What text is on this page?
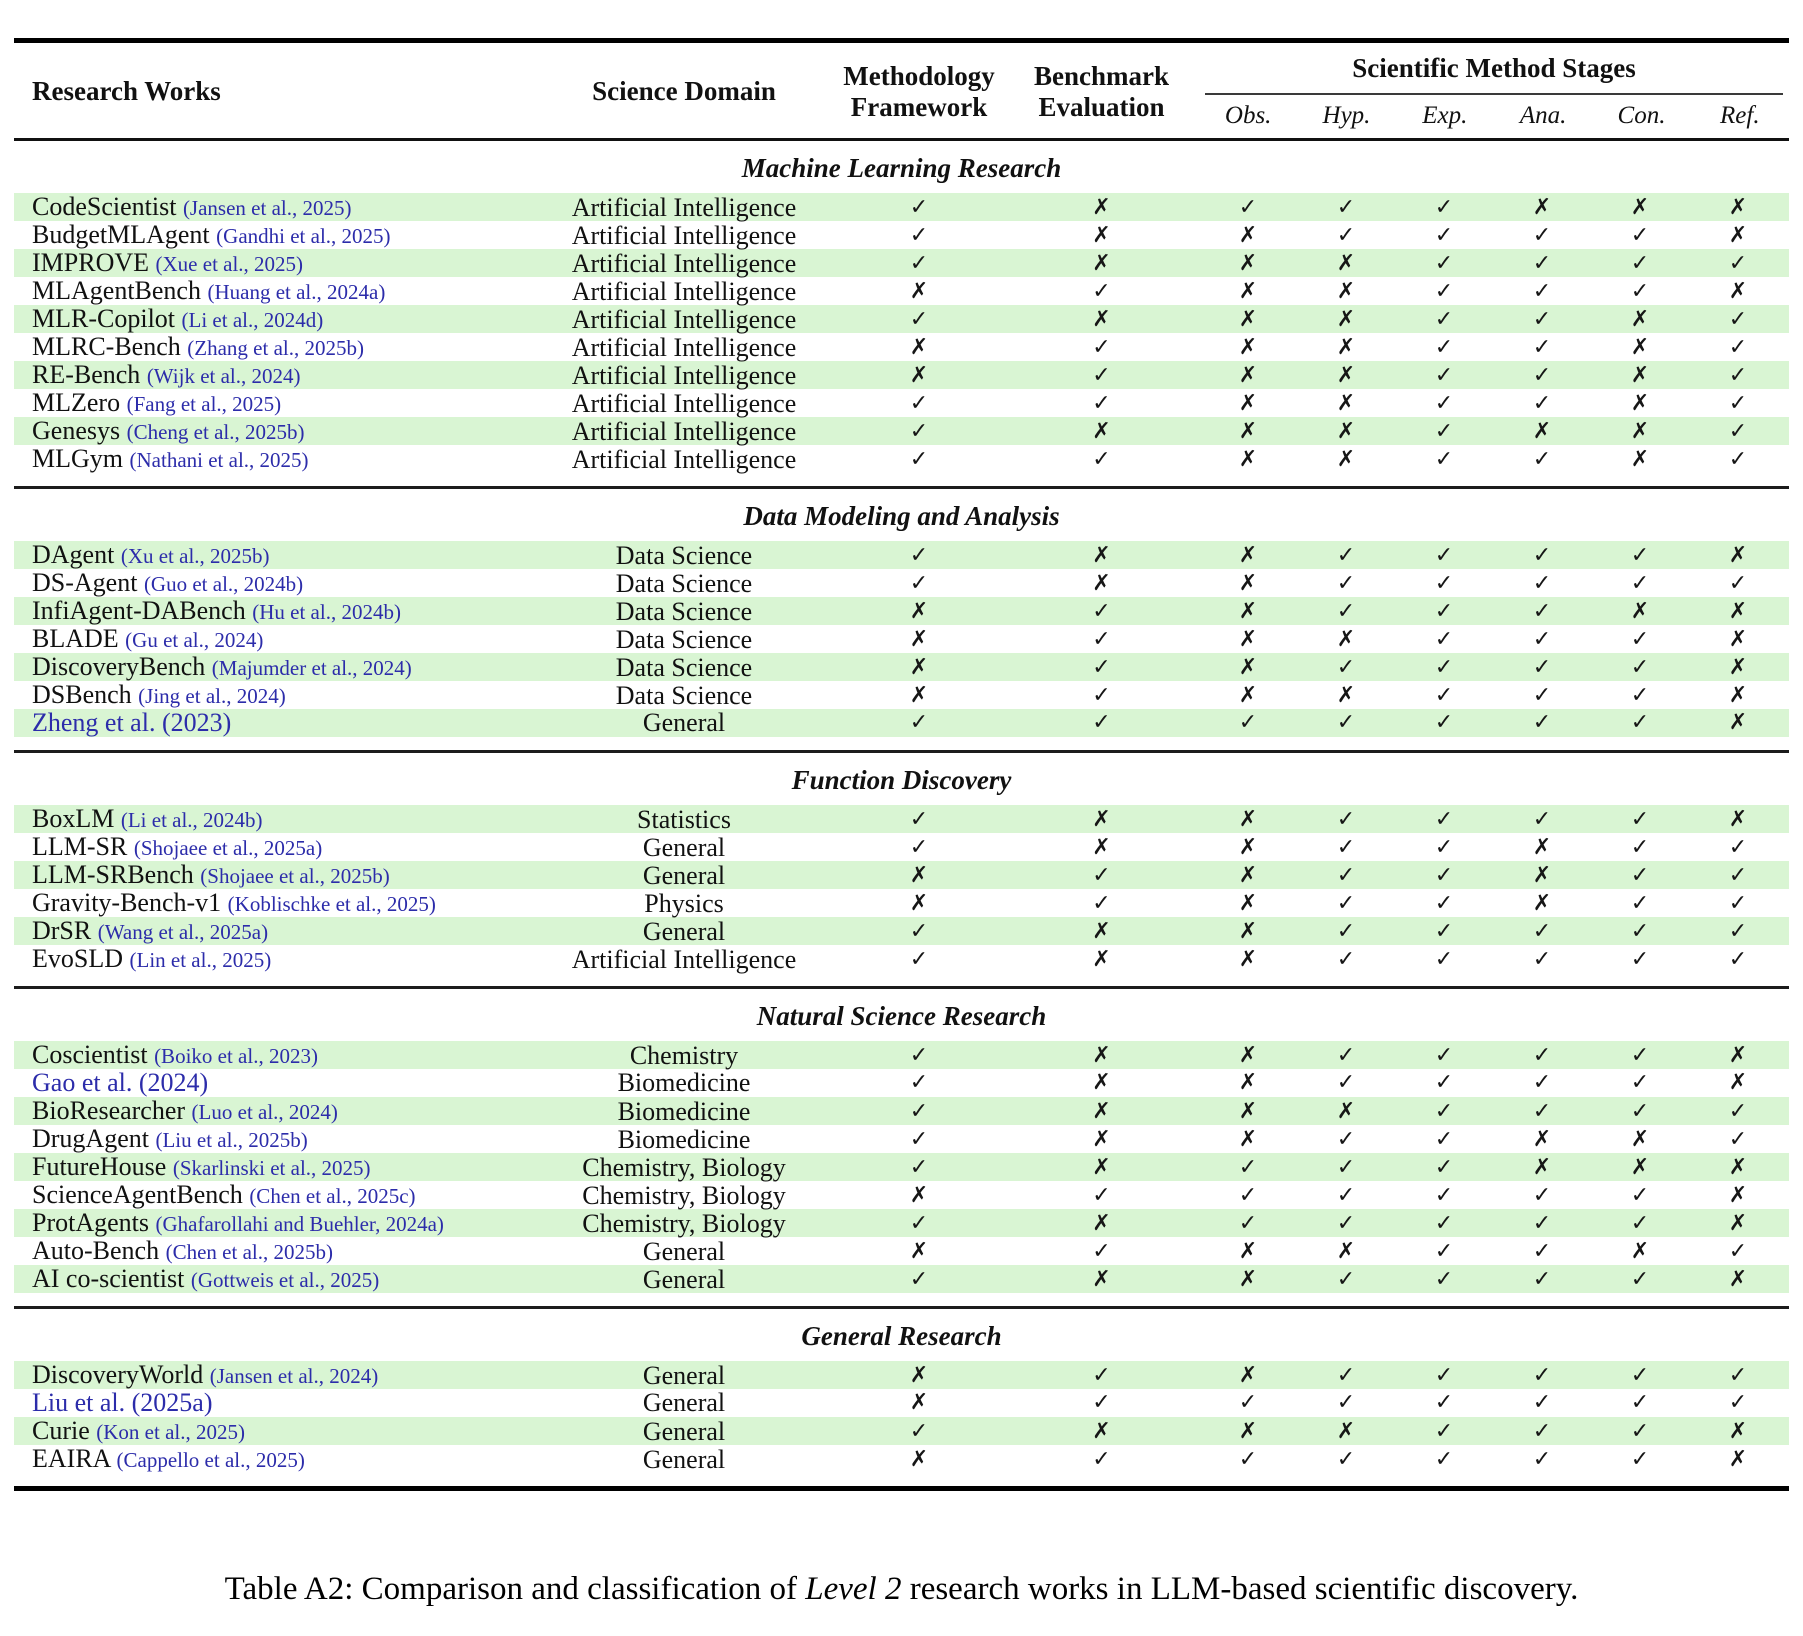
Research Works	Science Domain
Methodology
Framework
Benchmark
Evaluation
Scientific Method Stages
Obs.	Hyp.	Exp.	Ana.	Con.	Ref.
Machine Learning Research
CodeScientist (Jansen et al., 2025)	Artificial Intelligence	✓	✗	✓	✓	✓	✗	✗	✗
BudgetMLAgent (Gandhi et al., 2025)	Artificial Intelligence	✓	✗	✗	✓	✓	✓	✓	✗
IMPROVE (Xue et al., 2025)	Artificial Intelligence	✓	✗	✗	✗	✓	✓	✓	✓
MLAgentBench (Huang et al., 2024a)	Artificial Intelligence	✗	✓	✗	✗	✓	✓	✓	✗
MLR-Copilot (Li et al., 2024d)	Artificial Intelligence	✓	✗	✗	✗	✓	✓	✗	✓
MLRC-Bench (Zhang et al., 2025b)	Artificial Intelligence	✗	✓	✗	✗	✓	✓	✗	✓
RE-Bench (Wijk et al., 2024)	Artificial Intelligence	✗	✓	✗	✗	✓	✓	✗	✓
MLZero (Fang et al., 2025)	Artificial Intelligence	✓	✓	✗	✗	✓	✓	✗	✓
Genesys (Cheng et al., 2025b)	Artificial Intelligence	✓	✗	✗	✗	✓	✗	✗	✓
MLGym (Nathani et al., 2025)	Artificial Intelligence	✓	✓	✗	✗	✓	✓	✗	✓
Data Modeling and Analysis
DAgent (Xu et al., 2025b)	Data Science	✓	✗	✗	✓	✓	✓	✓	✗
DS-Agent (Guo et al., 2024b)	Data Science	✓	✗	✗	✓	✓	✓	✓	✓
InfiAgent-DABench (Hu et al., 2024b)	Data Science	✗	✓	✗	✓	✓	✓	✗	✗
BLADE (Gu et al., 2024)	Data Science	✗	✓	✗	✗	✓	✓	✓	✗
DiscoveryBench (Majumder et al., 2024)	Data Science	✗	✓	✗	✓	✓	✓	✓	✗
DSBench (Jing et al., 2024)	Data Science	✗	✓	✗	✗	✓	✓	✓	✗
Zheng et al. (2023)	General	✓	✓	✓	✓	✓	✓	✓	✗
Function Discovery
BoxLM (Li et al., 2024b)	Statistics	✓	✗	✗	✓	✓	✓	✓	✗
LLM-SR (Shojaee et al., 2025a)	General	✓	✗	✗	✓	✓	✗	✓	✓
LLM-SRBench (Shojaee et al., 2025b)	General	✗	✓	✗	✓	✓	✗	✓	✓
Gravity-Bench-v1 (Koblischke et al., 2025)	Physics	✗	✓	✗	✓	✓	✗	✓	✓
DrSR (Wang et al., 2025a)	General	✓	✗	✗	✓	✓	✓	✓	✓
EvoSLD (Lin et al., 2025)	Artificial Intelligence	✓	✗	✗	✓	✓	✓	✓	✓
Natural Science Research
Coscientist (Boiko et al., 2023)	Chemistry	✓	✗	✗	✓	✓	✓	✓	✗
Gao et al. (2024)	Biomedicine	✓	✗	✗	✓	✓	✓	✓	✗
BioResearcher (Luo et al., 2024)	Biomedicine	✓	✗	✗	✗	✓	✓	✓	✓
DrugAgent (Liu et al., 2025b)	Biomedicine	✓	✗	✗	✓	✓	✗	✗	✓
FutureHouse (Skarlinski et al., 2025)	Chemistry, Biology	✓	✗	✓	✓	✓	✗	✗	✗
ScienceAgentBench (Chen et al., 2025c)	Chemistry, Biology	✗	✓	✓	✓	✓	✓	✓	✗
ProtAgents (Ghafarollahi and Buehler, 2024a)	Chemistry, Biology	✓	✗	✓	✓	✓	✓	✓	✗
Auto-Bench (Chen et al., 2025b)	General	✗	✓	✗	✗	✓	✓	✗	✓
AI co-scientist (Gottweis et al., 2025)	General	✓	✗	✗	✓	✓	✓	✓	✗
General Research
DiscoveryWorld (Jansen et al., 2024)	General	✗	✓	✗	✓	✓	✓	✓	✓
Liu et al. (2025a)	General	✗	✓	✓	✓	✓	✓	✓	✓
Curie (Kon et al., 2025)	General	✓	✗	✗	✗	✓	✓	✓	✗
EAIRA (Cappello et al., 2025)	General	✗	✓	✓	✓	✓	✓	✓	✗
Table A2: Comparison and classification of Level 2 research works in LLM-based scientific discovery.
